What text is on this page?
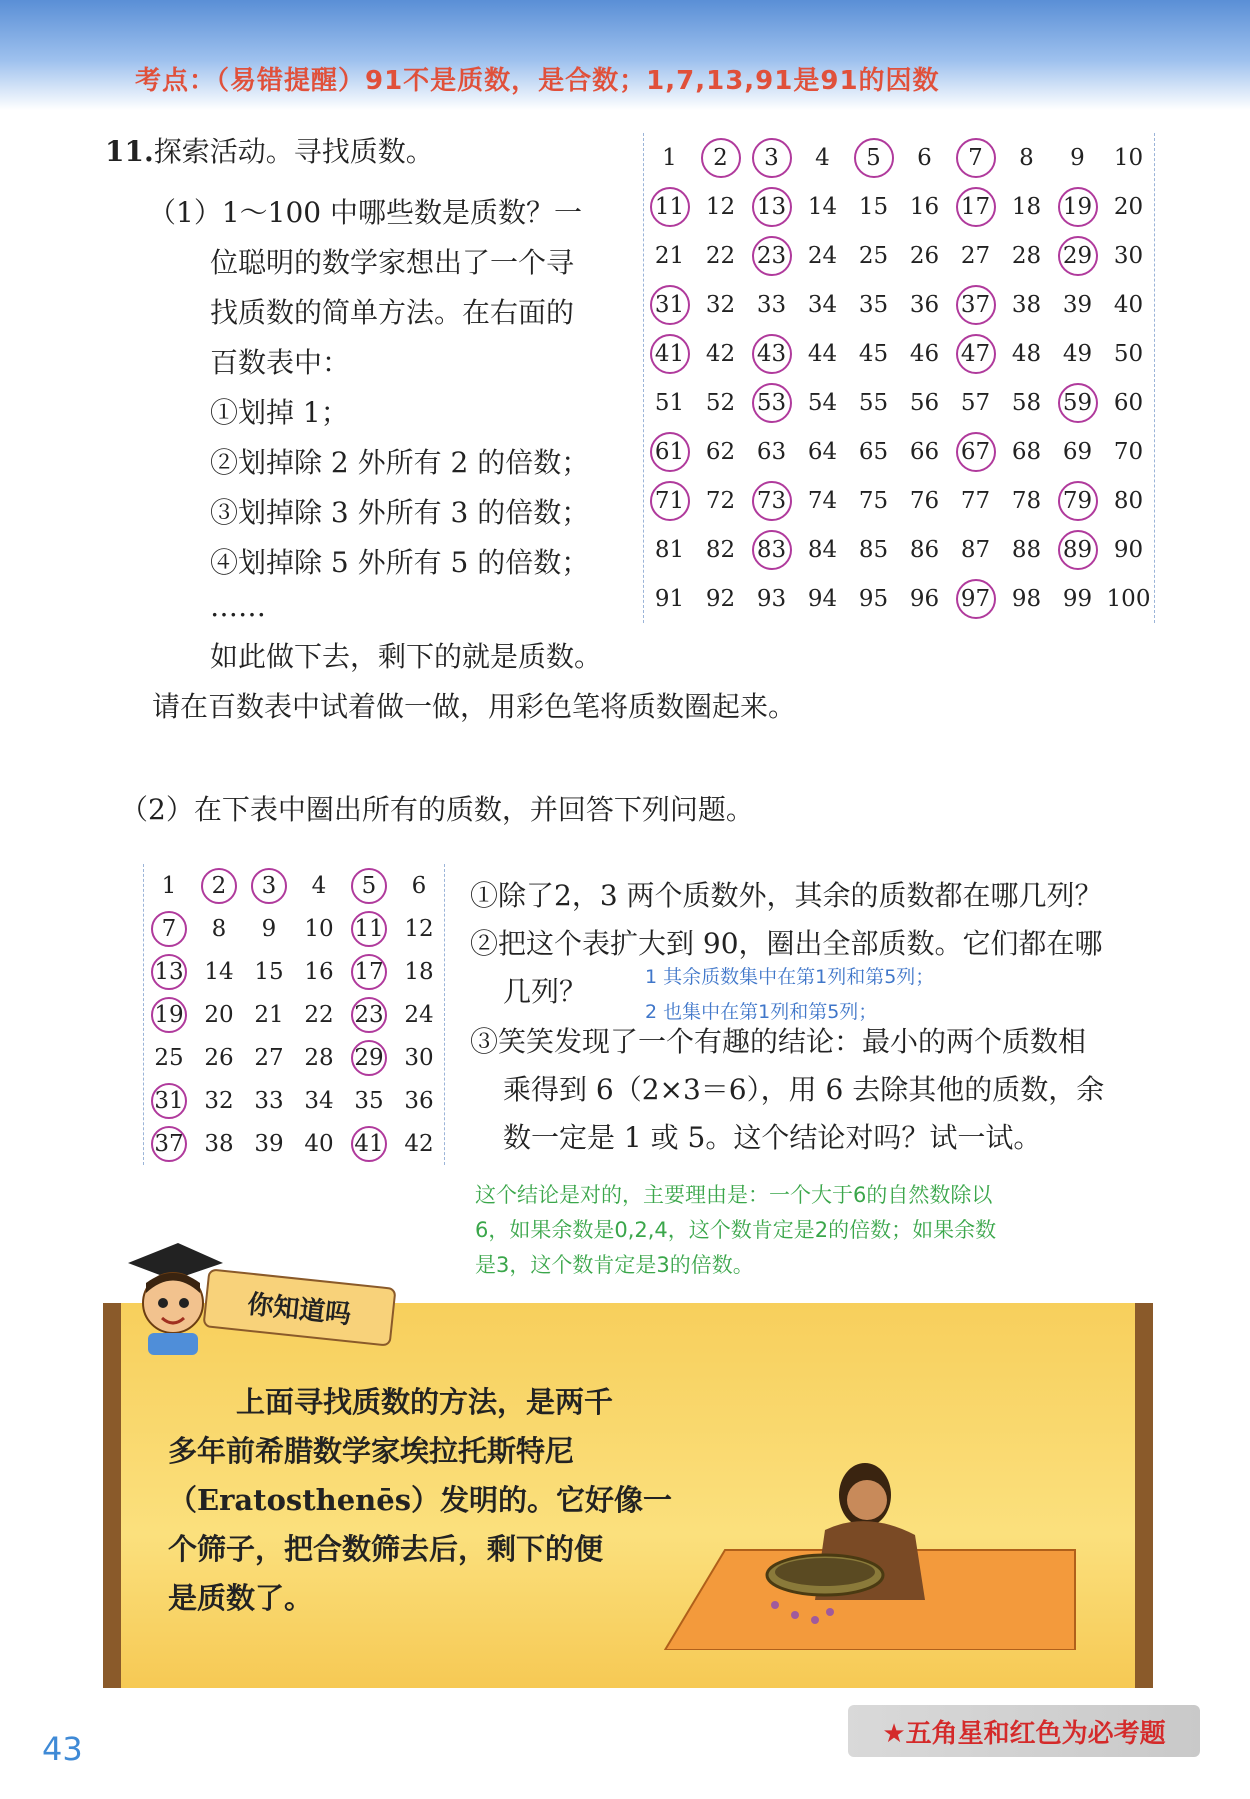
考点：（易错提醒）91不是质数，是合数；1,7,13,91是91的因数
11.探索活动。寻找质数。
（1）1～100 中哪些数是质数？一
位聪明的数学家想出了一个寻
找质数的简单方法。在右面的
百数表中：
①划掉 1；
②划掉除 2 外所有 2 的倍数；
③划掉除 3 外所有 3 的倍数；
④划掉除 5 外所有 5 的倍数；
……
如此做下去，剩下的就是质数。
请在百数表中试着做一做，用彩色笔将质数圈起来。
1	2	3	4	5	6	7	8 9 10
11 12 13 14 15 16 17 18 19 20
21 22 23 24 25 26 27 28 29 30
31 32 33 34 35 36 37 38 39 40
41 42 43 44 45 46 47 48 49 50
51 52 53 54 55 56 57 58 59 60
61 62 63 64 65 66 67 68 69 70
71 72 73 74 75 76 77 78 79 80
81 82 83 84 85 86 87 88 89 90
91 92 93 94 95 96 97 98 99 100
（2）在下表中圈出所有的质数，并回答下列问题。
1	2	3	4	5	6
7	8 9 10 11 12
13 14 15 16 17 18
19 20 21 22 23 24
25 26 27 28 29 30
31 32 33 34 35 36
37 38 39 40 41 42
①除了2，3 两个质数外，其余的质数都在哪几列？
②把这个表扩大到 90，圈出全部质数。它们都在哪
几列？
③笑笑发现了一个有趣的结论：最小的两个质数相
乘得到 6（2×3＝6），用 6 去除其他的质数，余
数一定是 1 或 5。这个结论对吗？试一试。
1 其余质数集中在第1列和第5列；
2 也集中在第1列和第5列；
这个结论是对的，主要理由是：一个大于6的自然数除以
6，如果余数是0,2,4，这个数肯定是2的倍数；如果余数
是3，这个数肯定是3的倍数。
你知道吗
上面寻找质数的方法，是两千
多年前希腊数学家埃拉托斯特尼
（Eratosthenēs）发明的。它好像一
个筛子，把合数筛去后，剩下的便
是质数了。
43	★五角星和红色为必考题
